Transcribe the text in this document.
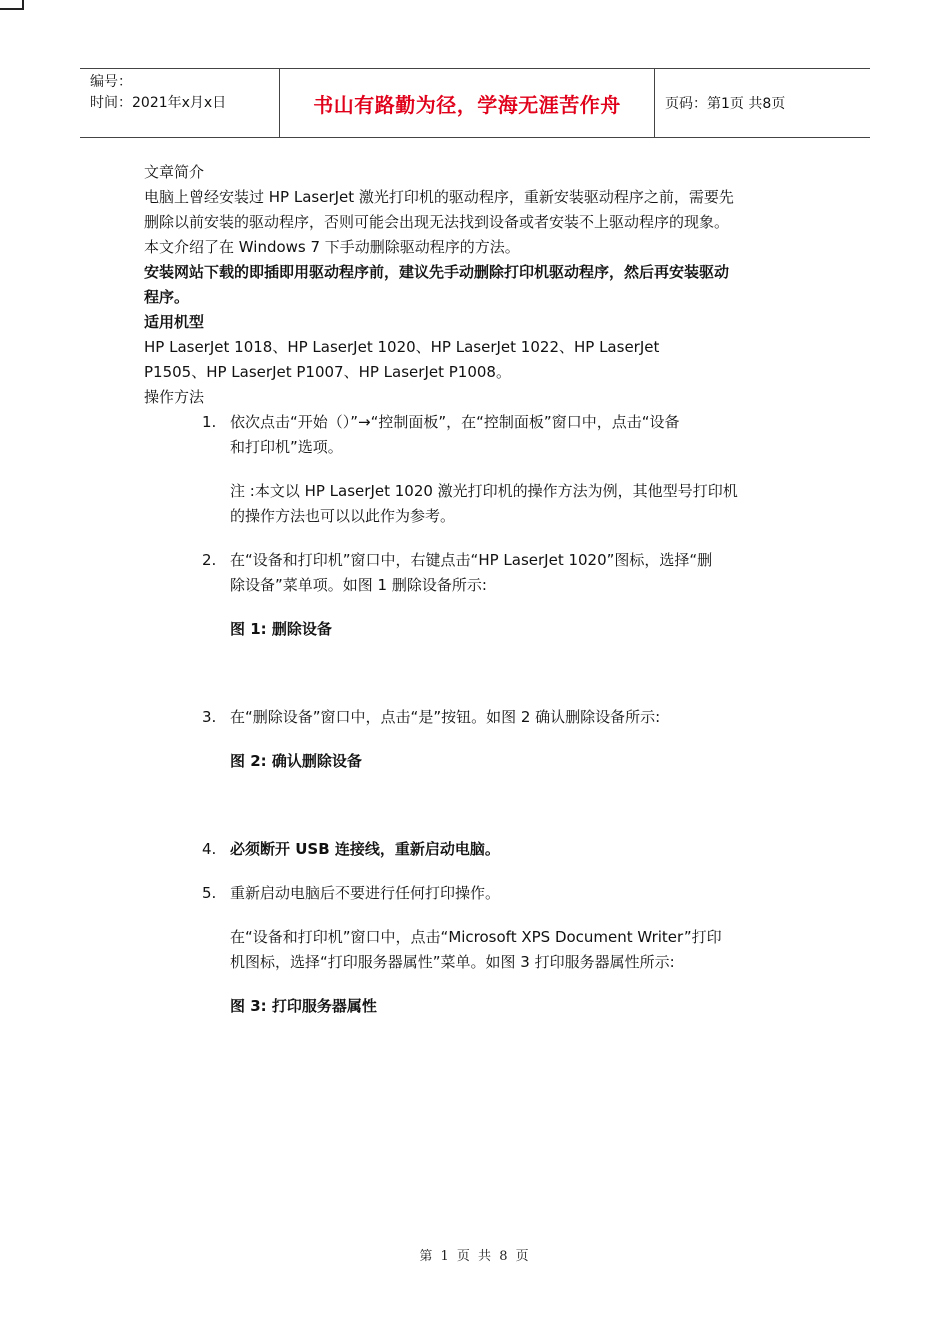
编号：
时间：2021年x月x日	书山有路勤为径，学海无涯苦作舟	页码：第1页 共8页

文章简介

电脑上曾经安装过 HP LaserJet 激光打印机的驱动程序，重新安装驱动程序之前，需要先

删除以前安装的驱动程序，否则可能会出现无法找到设备或者安装不上驱动程序的现象。

本文介绍了在 Windows 7 下手动删除驱动程序的方法。

安装网站下载的即插即用驱动程序前，建议先手动删除打印机驱动程序，然后再安装驱动

程序。

适用机型

HP LaserJet 1018、HP LaserJet 1020、HP LaserJet 1022、HP LaserJet

P1505、HP LaserJet P1007、HP LaserJet P1008。

操作方法

1. 依次点击“开始（）”→“控制面板”，在“控制面板”窗口中，点击“设备
和打印机”选项。
注 :本文以 HP LaserJet 1020 激光打印机的操作方法为例，其他型号打印机
的操作方法也可以以此作为参考。
2. 在“设备和打印机”窗口中，右键点击“HP LaserJet 1020”图标，选择“删
除设备”菜单项。如图 1 删除设备所示:
图 1: 删除设备
3. 在“删除设备”窗口中，点击“是”按钮。如图 2 确认删除设备所示:
图 2: 确认删除设备
4. 必须断开 USB 连接线，重新启动电脑。
5. 重新启动电脑后不要进行任何打印操作。
在“设备和打印机”窗口中，点击“Microsoft XPS Document Writer”打印
机图标，选择“打印服务器属性”菜单。如图 3 打印服务器属性所示:
图 3: 打印服务器属性
第 1 页 共 8 页
